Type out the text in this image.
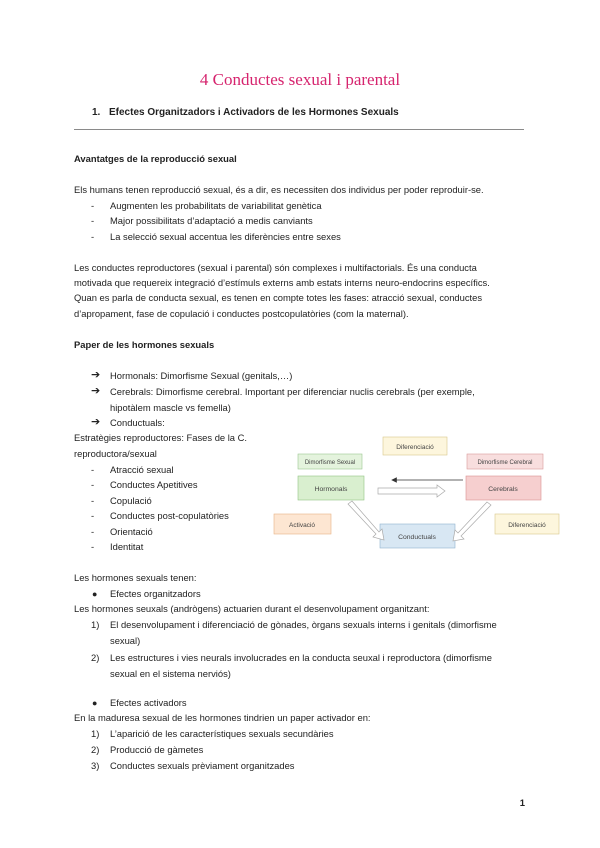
4 Conductes sexual i parental
1. Efectes Organitzadors i Activadors de les Hormones Sexuals
Avantatges de la reproducció sexual
Els humans tenen reproducció sexual, és a dir, es necessiten dos individus per poder reproduir-se.
- Augmenten les probabilitats de variabilitat genètica
- Major possibilitats d’adaptació a medis canviants
- La selecció sexual accentua les diferències entre sexes
Les conductes reproductores (sexual i parental) són complexes i multifactorials. És una conducta
motivada que requereix integració d’estímuls externs amb estats interns neuro-endocrins específics.
Quan es parla de conducta sexual, es tenen en compte totes les fases: atracció sexual, conductes
d’apropament, fase de copulació i conductes postcopulatòries (com la maternal).
Paper de les hormones sexuals
➔ Hormonals: Dimorfisme Sexual (genitals,…)
➔ Cerebrals: Dimorfisme cerebral. Important per diferenciar nuclis cerebrals (per exemple,
hipotàlem mascle vs femella)
➔ Conductuals:
Estratègies reproductores: Fases de la C.
reproductora/sexual
- Atracció sexual
- Conductes Apetitives
- Copulació
- Conductes post-copulatòries
- Orientació
- Identitat
Diferenciació
Dimorfisme Sexual	Dimorfisme Cerebral
Hormonals	Cerebrals
Activació	Diferenciació
Conductuals
Les hormones sexuals tenen:
● Efectes organitzadors
Les hormones seuxals (andrògens) actuarien durant el desenvolupament organitzant:
1) El desenvolupament i diferenciació de gònades, òrgans sexuals interns i genitals (dimorfisme
sexual)
2) Les estructures i vies neurals involucrades en la conducta seuxal i reproductora (dimorfisme
sexual en el sistema nerviós)
● Efectes activadors
En la maduresa sexual de les hormones tindrien un paper activador en:
1) L’aparició de les característiques sexuals secundàries
2) Producció de gàmetes
3) Conductes sexuals prèviament organitzades
1
